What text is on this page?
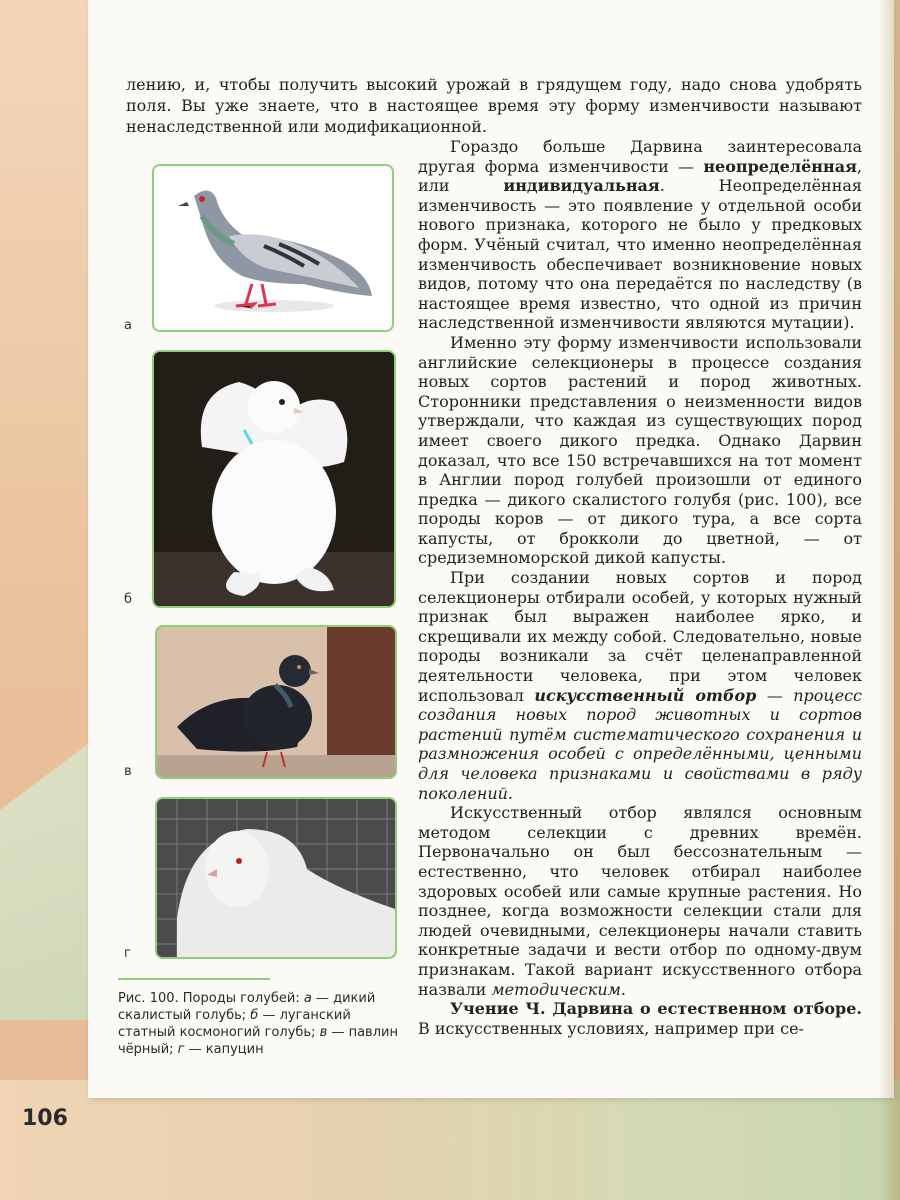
лению, и, чтобы получить высокий урожай в грядущем году, надо снова удобрять поля. Вы уже знаете, что в настоящее время эту форму изменчивости называют ненаследственной или модификационной.

а
б
в
г
Рис. 100. Породы голубей: а — дикий скалистый голубь; б — луганский статный космоногий голубь; в — павлин чёрный; г — капуцин

Гораздо больше Дарвина заинтересовала другая форма изменчивости — неопределённая, или	индивидуальная. Неопределённая изменчивость — это появление у отдельной особи нового признака, которого не было у предковых форм. Учёный считал, что именно неопределённая изменчивость обеспечивает возникновение новых видов, потому что она передаётся по наследству (в настоящее время известно, что одной из причин наследственной изменчивости являются мутации).

Именно эту форму изменчивости использовали английские селекционеры в процессе создания новых сортов растений и пород животных. Сторонники представления о неизменности видов утверждали, что каждая из существующих пород имеет своего дикого предка. Однако Дарвин доказал, что все 150 встречавшихся на тот момент в Англии пород голубей произошли от единого предка — дикого скалистого голубя (рис. 100), все породы коров — от дикого тура, а все сорта капусты, от брокколи до цветной, — от средиземноморской дикой капусты.

При создании новых сортов и пород селекционеры отбирали особей, у которых нужный признак был выражен наиболее ярко, и скрещивали их между собой. Следовательно, новые породы возникали за счёт целенаправленной деятельности человека, при этом человек использовал искусственный отбор — процесс создания новых пород животных и сортов растений путём систематического сохранения и размножения особей с определёнными, ценными для человека признаками и свойствами в ряду поколений.

Искусственный отбор являлся основным методом селекции с древних времён. Первоначально он был бессознательным — естественно, что человек отбирал наиболее здоровых особей или самые крупные растения. Но позднее, когда возможности селекции стали для людей очевидными, селекционеры начали ставить конкретные задачи и вести отбор по одному-двум признакам. Такой вариант искусственного отбора назвали методическим.

Учение Ч. Дарвина о естественном отборе. В искусственных условиях, например при се-

106
